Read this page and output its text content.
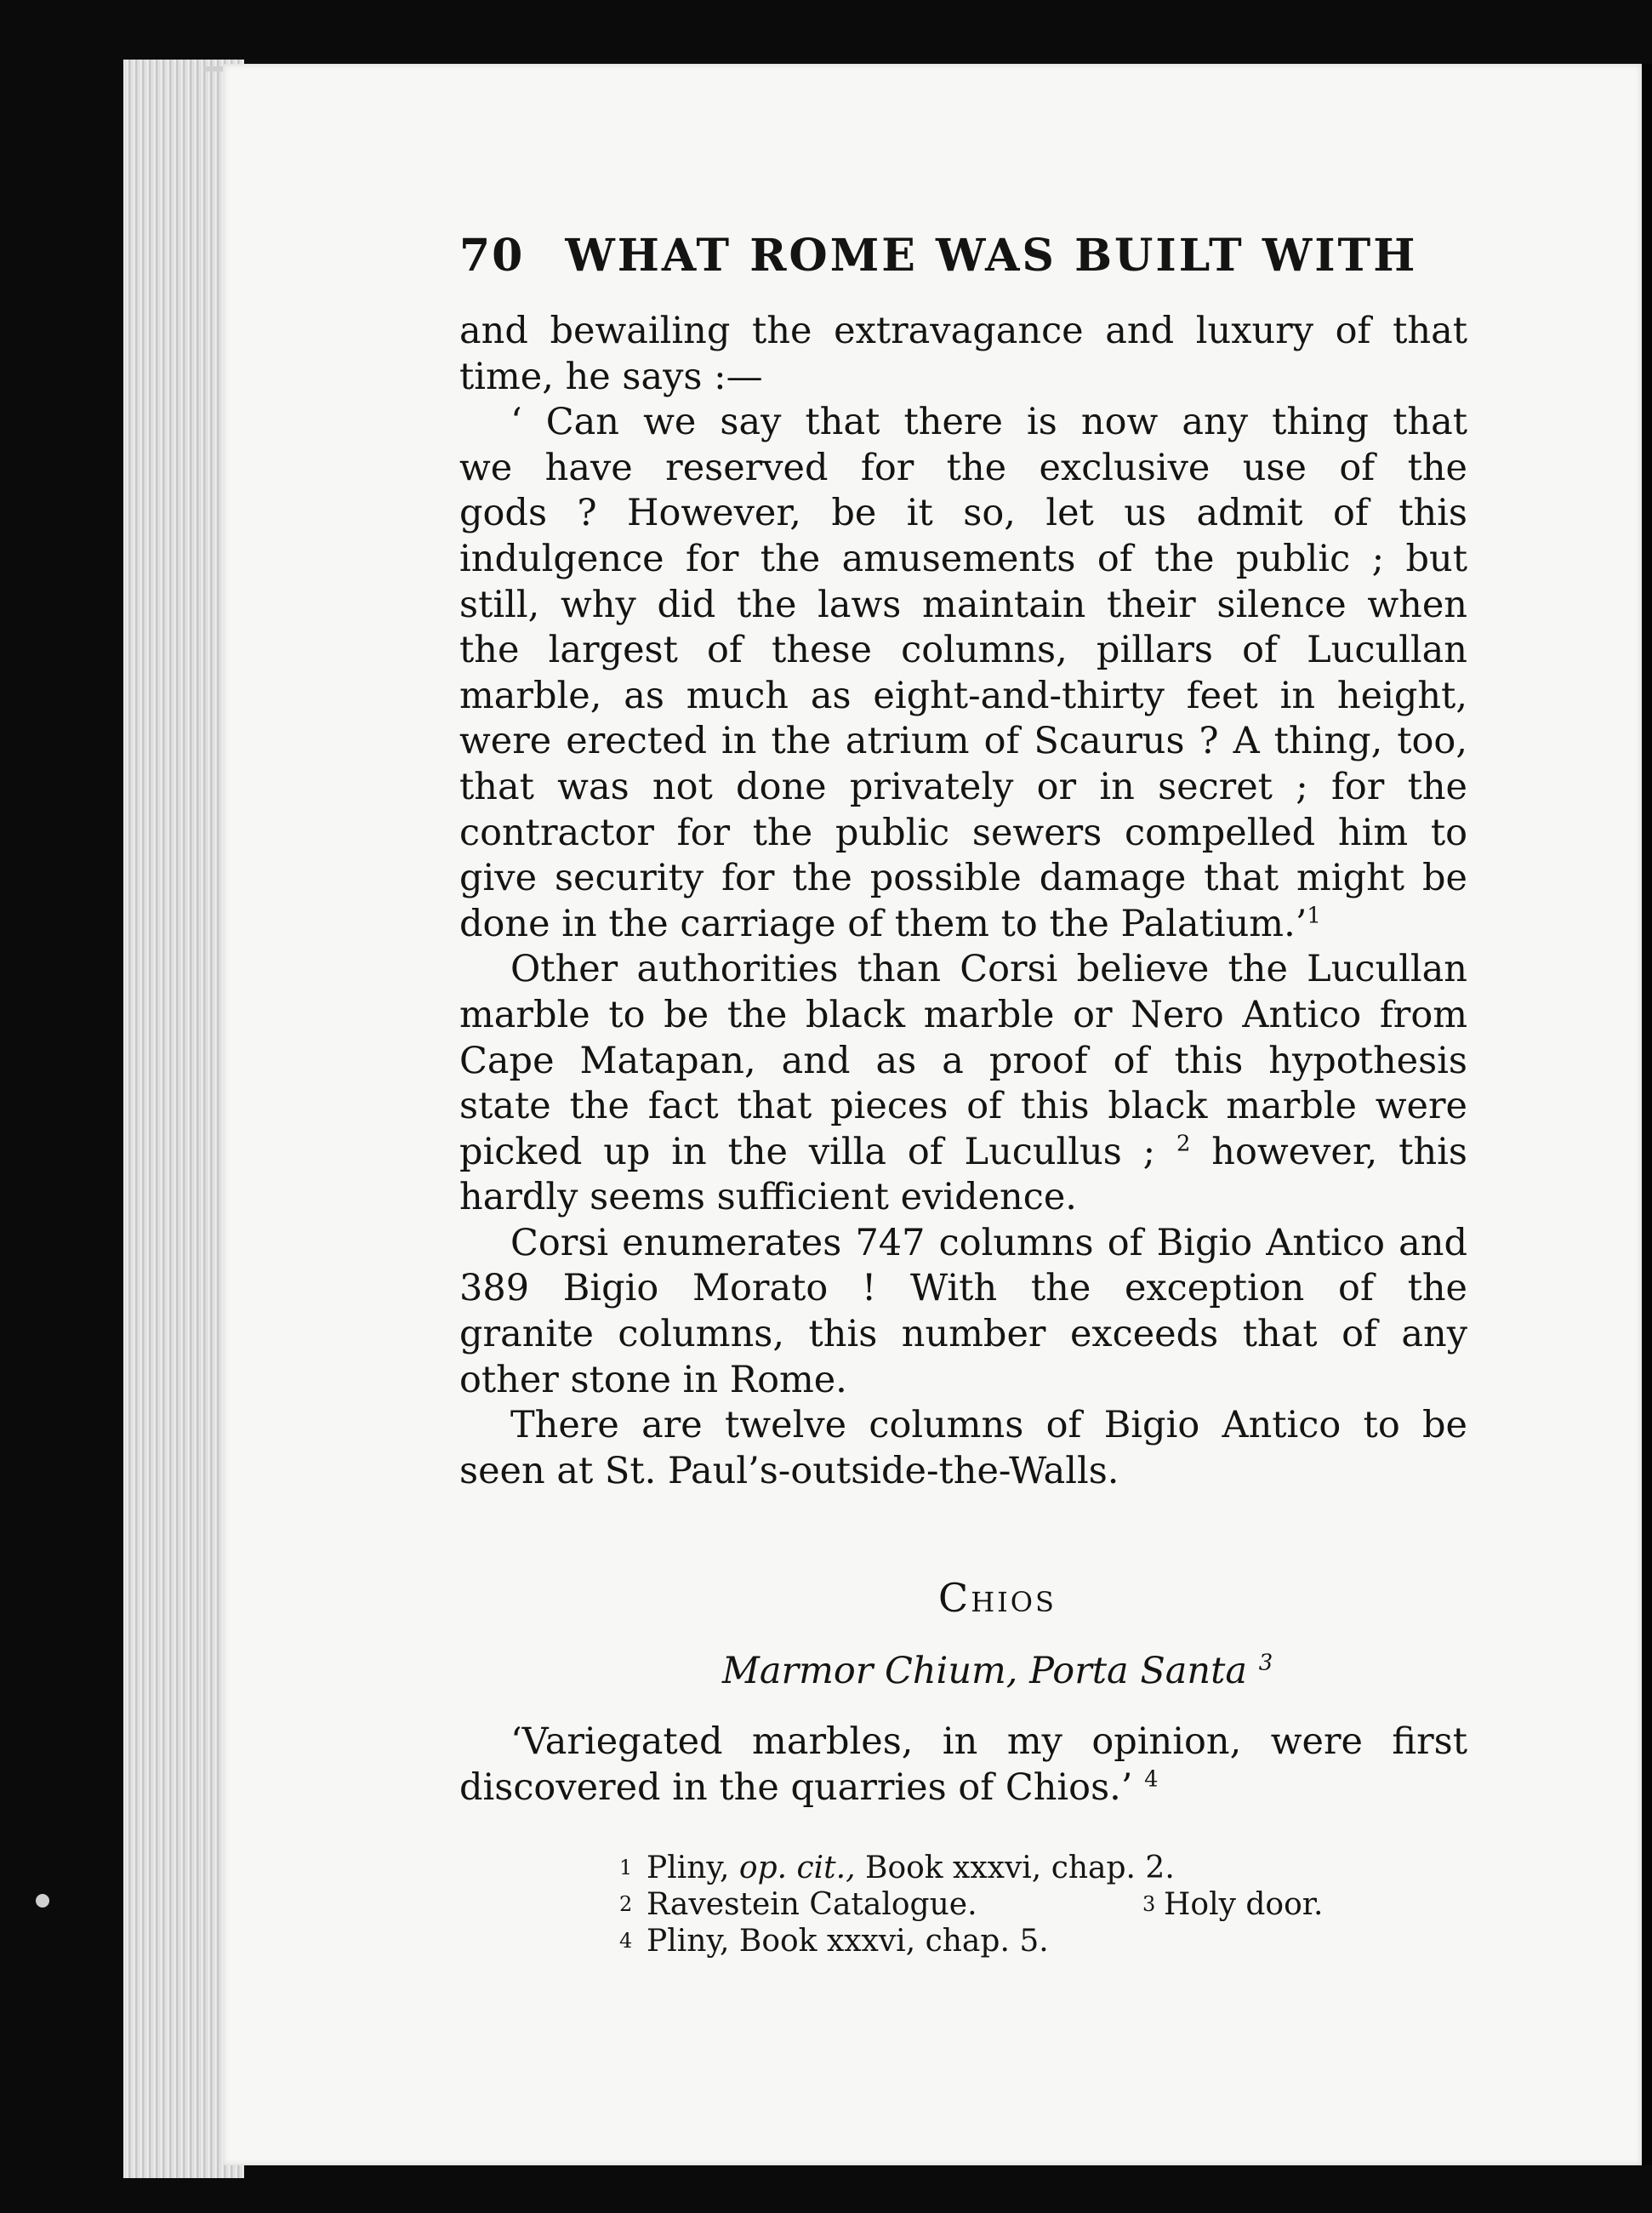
70 WHAT ROME WAS BUILT WITH
and bewailing the extravagance and luxury of that
time, he says :—
‘ Can we say that there is now any thing that
we have reserved for the exclusive use of the
gods ? However, be it so, let us admit of this
indulgence for the amusements of the public ; but
still, why did the laws maintain their silence when
the largest of these columns, pillars of Lucullan
marble, as much as eight-and-thirty feet in height,
were erected in the atrium of Scaurus ? A thing, too,
that was not done privately or in secret ; for the
contractor for the public sewers compelled him to
give security for the possible damage that might be
done in the carriage of them to the Palatium.’$^1$
Other authorities than Corsi believe the Lucullan
marble to be the black marble or Nero Antico from
Cape Matapan, and as a proof of this hypothesis
state the fact that pieces of this black marble were
picked up in the villa of Lucullus ; $^2$ however, this
hardly seems sufficient evidence.
Corsi enumerates 747 columns of Bigio Antico and
389 Bigio Morato ! With the exception of the
granite columns, this number exceeds that of any
other stone in Rome.
There are twelve columns of Bigio Antico to be
seen at St. Paul’s-outside-the-Walls.
Chios
Marmor Chium, Porta Santa $^3$
‘Variegated marbles, in my opinion, were first
discovered in the quarries of Chios.’ $^4$
1 Pliny, op. cit., Book xxxvi, chap. 2.
2 Ravestein Catalogue.	3 Holy door.
4 Pliny, Book xxxvi, chap. 5.
